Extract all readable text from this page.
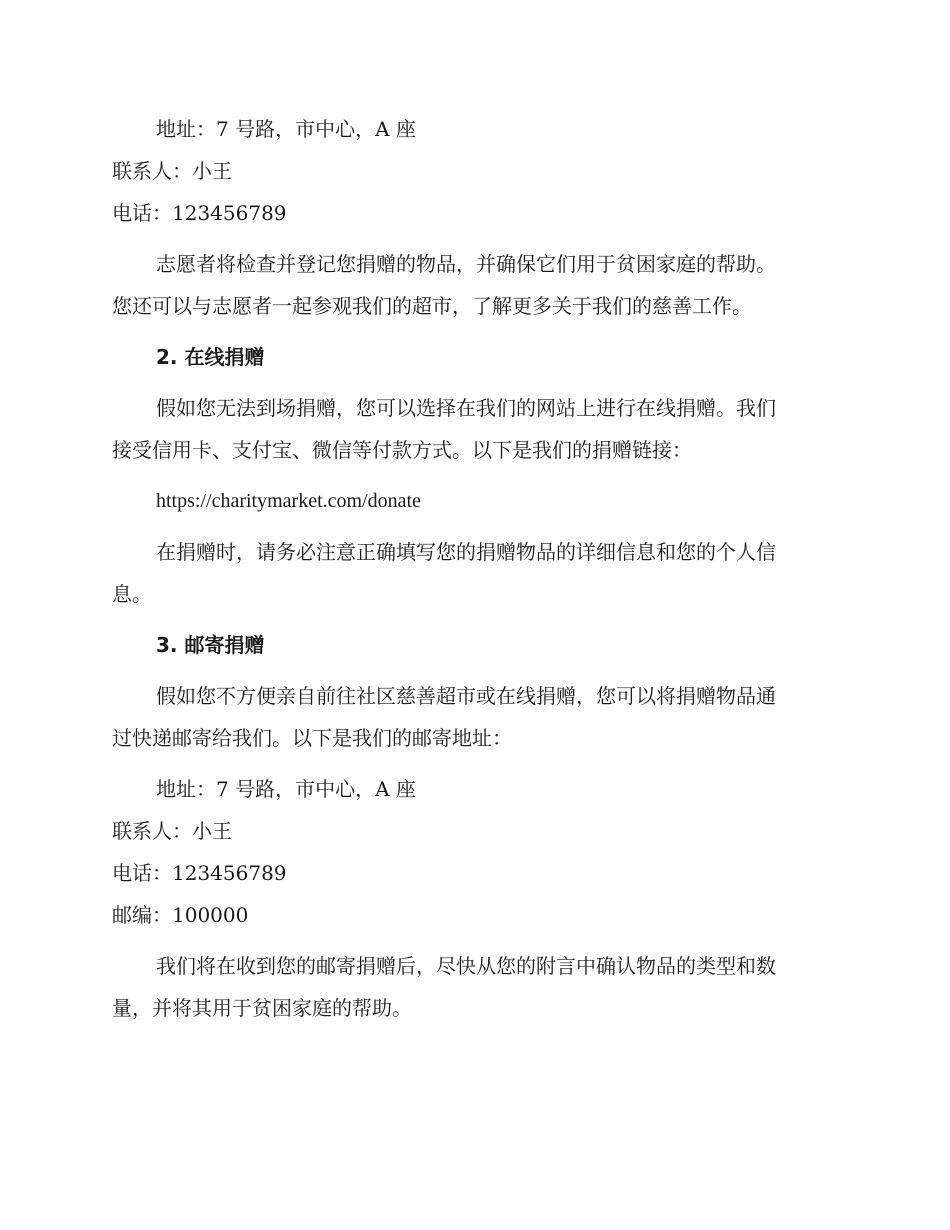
地址：7 号路，市中心，A 座

联系人：小王

电话：123456789

志愿者将检查并登记您捐赠的物品，并确保它们用于贫困家庭的帮助。

您还可以与志愿者一起参观我们的超市，了解更多关于我们的慈善工作。

2. 在线捐赠

假如您无法到场捐赠，您可以选择在我们的网站上进行在线捐赠。我们

接受信用卡、支付宝、微信等付款方式。以下是我们的捐赠链接：

https://charitymarket.com/donate

在捐赠时，请务必注意正确填写您的捐赠物品的详细信息和您的个人信

息。

3. 邮寄捐赠

假如您不方便亲自前往社区慈善超市或在线捐赠，您可以将捐赠物品通

过快递邮寄给我们。以下是我们的邮寄地址：

地址：7 号路，市中心，A 座

联系人：小王

电话：123456789

邮编：100000

我们将在收到您的邮寄捐赠后，尽快从您的附言中确认物品的类型和数

量，并将其用于贫困家庭的帮助。
